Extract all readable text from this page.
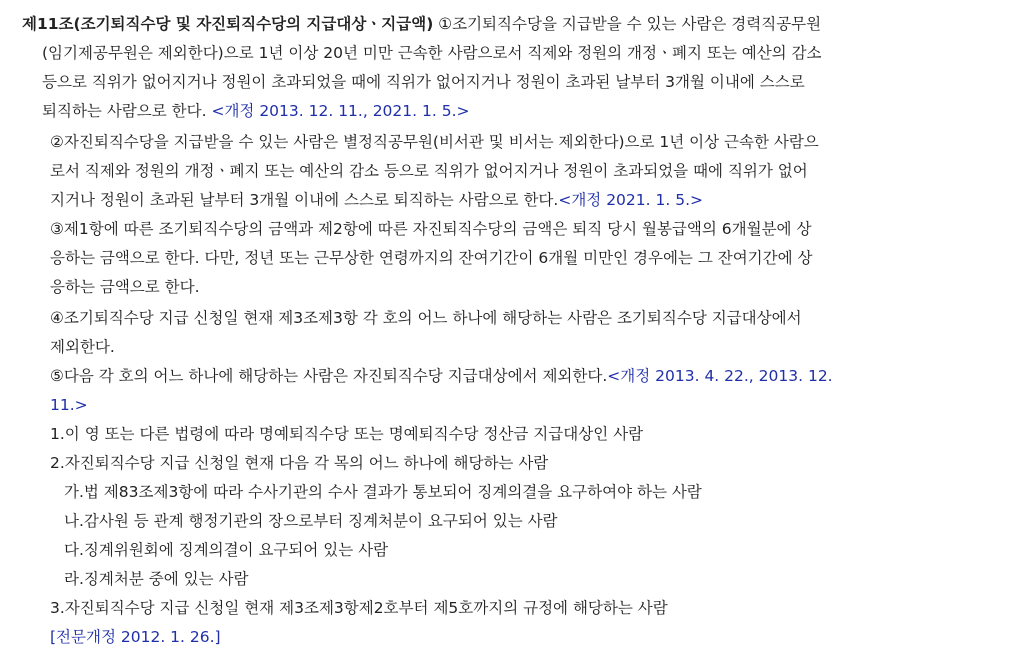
제11조(조기퇴직수당 및 자진퇴직수당의 지급대상ㆍ지급액) ①조기퇴직수당을 지급받을 수 있는 사람은 경력직공무원
(임기제공무원은 제외한다)으로 1년 이상 20년 미만 근속한 사람으로서 직제와 정원의 개정ㆍ폐지 또는 예산의 감소
등으로 직위가 없어지거나 정원이 초과되었을 때에 직위가 없어지거나 정원이 초과된 날부터 3개월 이내에 스스로
퇴직하는 사람으로 한다. <개정 2013. 12. 11., 2021. 1. 5.>
②자진퇴직수당을 지급받을 수 있는 사람은 별정직공무원(비서관 및 비서는 제외한다)으로 1년 이상 근속한 사람으
로서 직제와 정원의 개정ㆍ폐지 또는 예산의 감소 등으로 직위가 없어지거나 정원이 초과되었을 때에 직위가 없어
지거나 정원이 초과된 날부터 3개월 이내에 스스로 퇴직하는 사람으로 한다.<개정 2021. 1. 5.>
③제1항에 따른 조기퇴직수당의 금액과 제2항에 따른 자진퇴직수당의 금액은 퇴직 당시 월봉급액의 6개월분에 상
응하는 금액으로 한다. 다만, 정년 또는 근무상한 연령까지의 잔여기간이 6개월 미만인 경우에는 그 잔여기간에 상
응하는 금액으로 한다.
④조기퇴직수당 지급 신청일 현재 제3조제3항 각 호의 어느 하나에 해당하는 사람은 조기퇴직수당 지급대상에서
제외한다.
⑤다음 각 호의 어느 하나에 해당하는 사람은 자진퇴직수당 지급대상에서 제외한다.<개정 2013. 4. 22., 2013. 12.
11.>
1.이 영 또는 다른 법령에 따라 명예퇴직수당 또는 명예퇴직수당 정산금 지급대상인 사람
2.자진퇴직수당 지급 신청일 현재 다음 각 목의 어느 하나에 해당하는 사람
가.법 제83조제3항에 따라 수사기관의 수사 결과가 통보되어 징계의결을 요구하여야 하는 사람
나.감사원 등 관계 행정기관의 장으로부터 징계처분이 요구되어 있는 사람
다.징계위원회에 징계의결이 요구되어 있는 사람
라.징계처분 중에 있는 사람
3.자진퇴직수당 지급 신청일 현재 제3조제3항제2호부터 제5호까지의 규정에 해당하는 사람
[전문개정 2012. 1. 26.]
